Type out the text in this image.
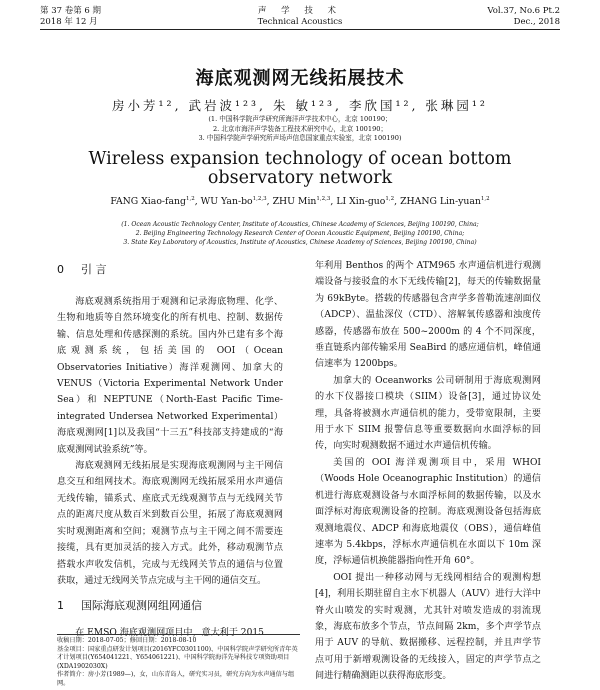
第 37 卷第 6 期
2018 年 12 月
声 学 技 术
Technical Acoustics
Vol.37, No.6 Pt.2
Dec., 2018
海底观测网无线拓展技术
房小芳¹², 武岩波¹²³, 朱 敏¹²³, 李欣国¹², 张琳园¹²
(1. 中国科学院声学研究所海洋声学技术中心，北京 100190；
2. 北京市海洋声学装备工程技术研究中心，北京 100190；
3. 中国科学院声学研究所声场声信息国家重点实验室，北京 100190)
Wireless expansion technology of ocean bottom observatory network
FANG Xiao-fang$^{1,2}$, WU Yan-bo$^{1,2,3}$, ZHU Min$^{1,2,3}$, LI Xin-guo$^{1,2}$, ZHANG Lin-yuan$^{1,2}$
(1. Ocean Acoustic Technology Center, Institute of Acoustics, Chinese Academy of Sciences, Beijing 100190, China;
2. Beijing Engineering Technology Research Center of Ocean Acoustic Equipment, Beijing 100190, China;
3. State Key Laboratory of Acoustics, Institute of Acoustics, Chinese Academy of Sciences, Beijing 100190, China)
0 引 言

海底观测系统指用于观测和记录海底物理、化学、生物和地质等自然环境变化的所有机电、控制、数据传输、信息处理和传感探测的系统。国内外已建有多个海底观测系统，包括美国的 OOI（Ocean Observatories Initiative）海洋观测网、加拿大的 VENUS（Victoria Experimental Network Under Sea）和 NEPTUNE（North-East Pacific Time-integrated Undersea Networked Experimental）海底观测网[1]以及我国“十三五”科技部支持建成的“海底观测网试验系统”等。

海底观测网无线拓展是实现海底观测网与主干网信息交互和组网技术。海底观测网无线拓展采用水声通信无线传输，锚系式、座底式无线观测节点与无线网关节点的距离尺度从数百米到数百公里，拓展了海底观测网实时观测距离和空间；观测节点与主干网之间不需要连接缆，具有更加灵活的接入方式。此外，移动观测节点搭载水声收发信机，完成与无线网关节点的通信与位置获取，通过无线网关节点完成与主干网的通信交互。

1 国际海底观测网组网通信

在 EMSO 海底观测网项目中，意大利于 2015

年利用 Benthos 的两个 ATM965 水声通信机进行观测端设备与接驳盒的水下无线传输[2]，每天的传输数据量为 69kByte。搭载的传感器包含声学多普勒流速剖面仪（ADCP）、温盐深仪（CTD）、溶解氧传感器和浊度传感器，传感器布放在 500~2000m 的 4 个不同深度，垂直链系内部传输采用 SeaBird 的感应通信机，峰值通信速率为 1200bps。

加拿大的 Oceanworks 公司研制用于海底观测网的水下仪器接口模块（SIIM）设备[3]，通过协议处理，具备将被测水声通信机的能力，受带宽限制，主要用于水下 SIIM 报警信息等重要数据向水面浮标的回传，向实时观测数据不通过水声通信机传输。

美国的 OOI 海洋观测项目中，采用 WHOI（Woods Hole Oceanographic Institution）的通信机进行海底观测设备与水面浮标间的数据传输，以及水面浮标对海底观测设备的控制。海底观测设备包括海底观测地震仪、ADCP 和海底地震仪（OBS），通信峰值速率为 5.4kbps，浮标水声通信机在水面以下 10m 深度，浮标通信机换能器指向性开角 60°。

OOI 提出一种移动网与无线网相结合的观测构想[4]，利用长期驻留自主水下机器人（AUV）进行大洋中脊火山喷发的实时观测，尤其针对喷发造成的羽流现象，海底布放多个节点，节点间隔 2km，多个声学节点用于 AUV 的导航、数据搬移、远程控制，并且声学节点可用于新增观测设备的无线接入，固定的声学节点之间进行精确测距以获得海底形变。

收稿日期：2018-07-05；修回日期：2018-08-10
基金项目：国家重点研发计划项目(2016YFC0301100)、中国科学院声学研究所青年英才计划项目(Y654041221、Y654061221)、中国科学院海洋先导科技专项资助项目(XDA1902030X)
作者简介：房小芳(1989—)，女，山东青岛人，研究实习员，研究方向为水声通信与组网。
